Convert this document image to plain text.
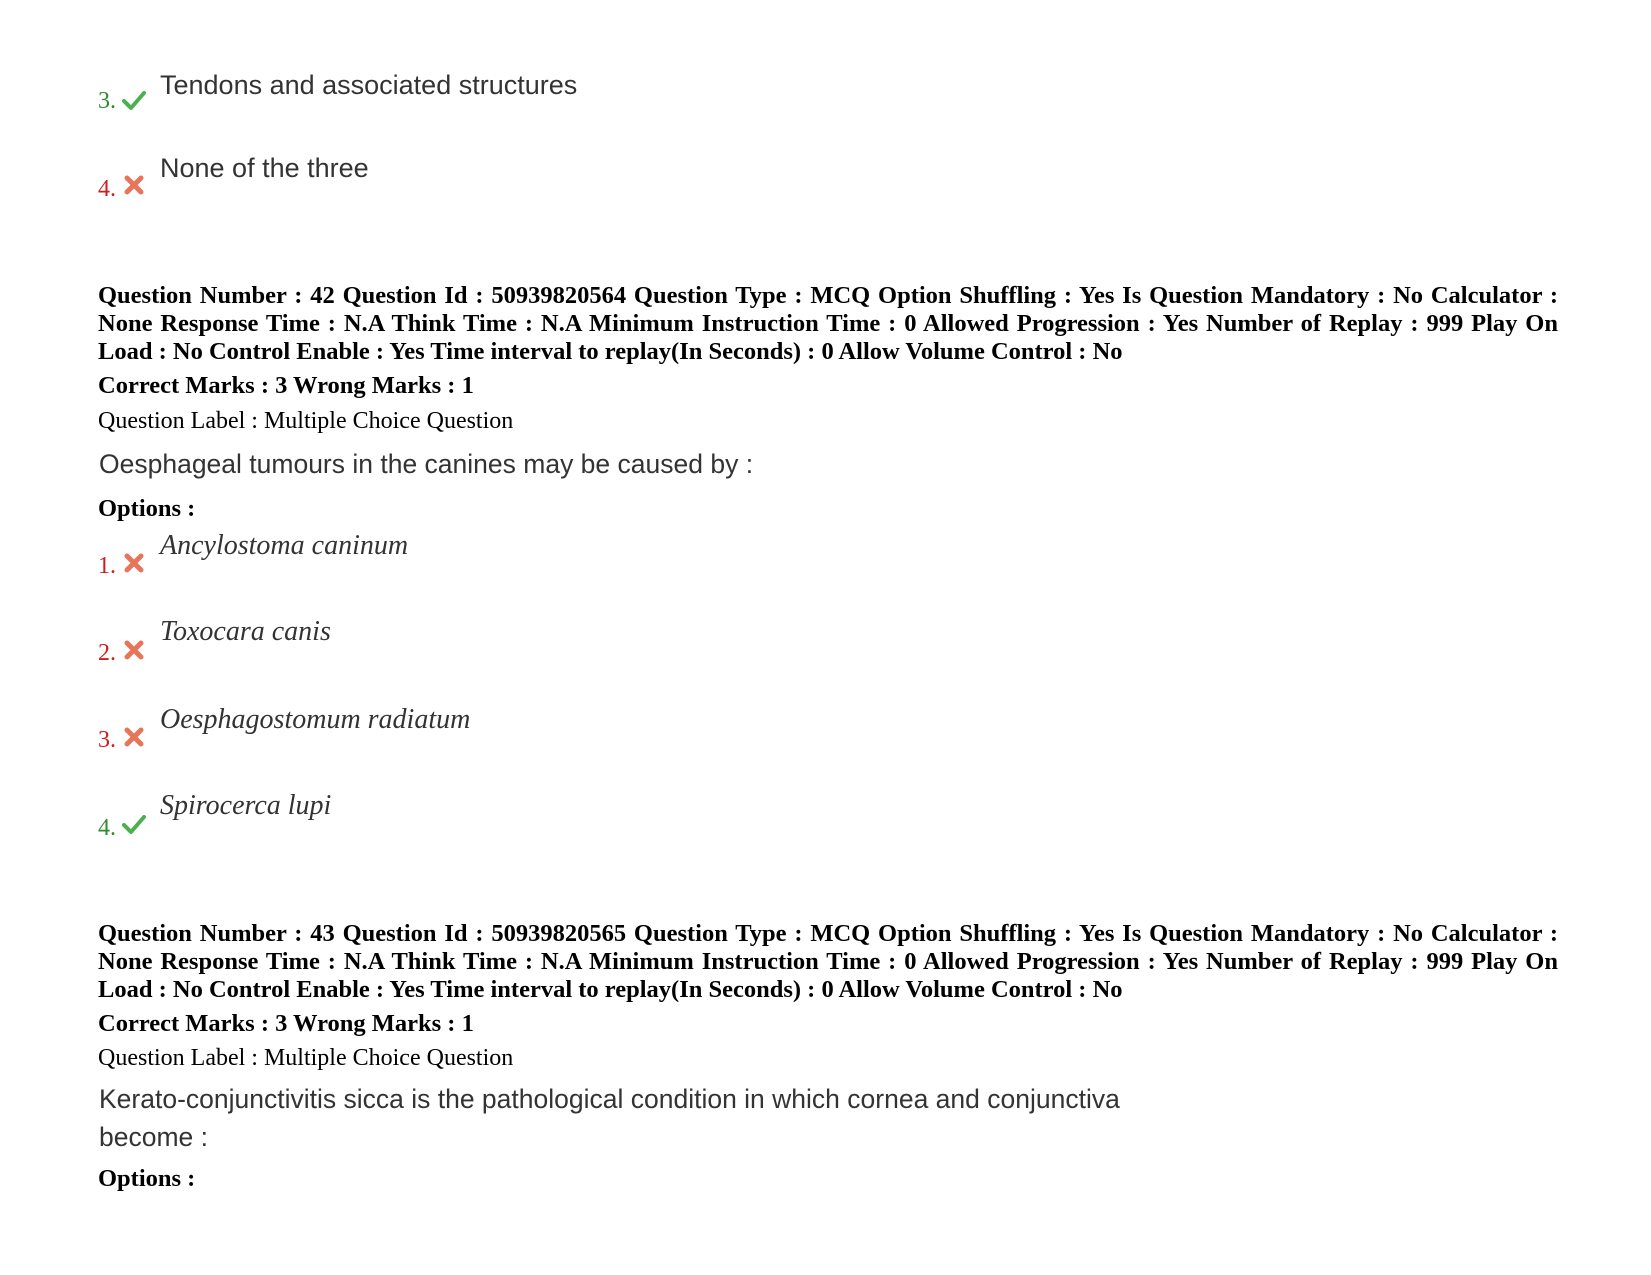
3.
Tendons and associated structures
4.
None of the three
Question Number : 42 Question Id : 50939820564 Question Type : MCQ Option Shuffling : Yes Is Question Mandatory : No Calculator : None Response Time : N.A Think Time : N.A Minimum Instruction Time : 0 Allowed Progression : Yes Number of Replay : 999 Play On Load : No Control Enable : Yes Time interval to replay(In Seconds) : 0 Allow Volume Control : No
Correct Marks : 3 Wrong Marks : 1
Question Label : Multiple Choice Question
Oesphageal tumours in the canines may be caused by :
Options :
1.
Ancylostoma caninum
2.
Toxocara canis
3.
Oesphagostomum radiatum
4.
Spirocerca lupi
Question Number : 43 Question Id : 50939820565 Question Type : MCQ Option Shuffling : Yes Is Question Mandatory : No Calculator : None Response Time : N.A Think Time : N.A Minimum Instruction Time : 0 Allowed Progression : Yes Number of Replay : 999 Play On Load : No Control Enable : Yes Time interval to replay(In Seconds) : 0 Allow Volume Control : No
Correct Marks : 3 Wrong Marks : 1
Question Label : Multiple Choice Question
Kerato-conjunctivitis sicca is the pathological condition in which cornea and conjunctiva
become :
Options :
